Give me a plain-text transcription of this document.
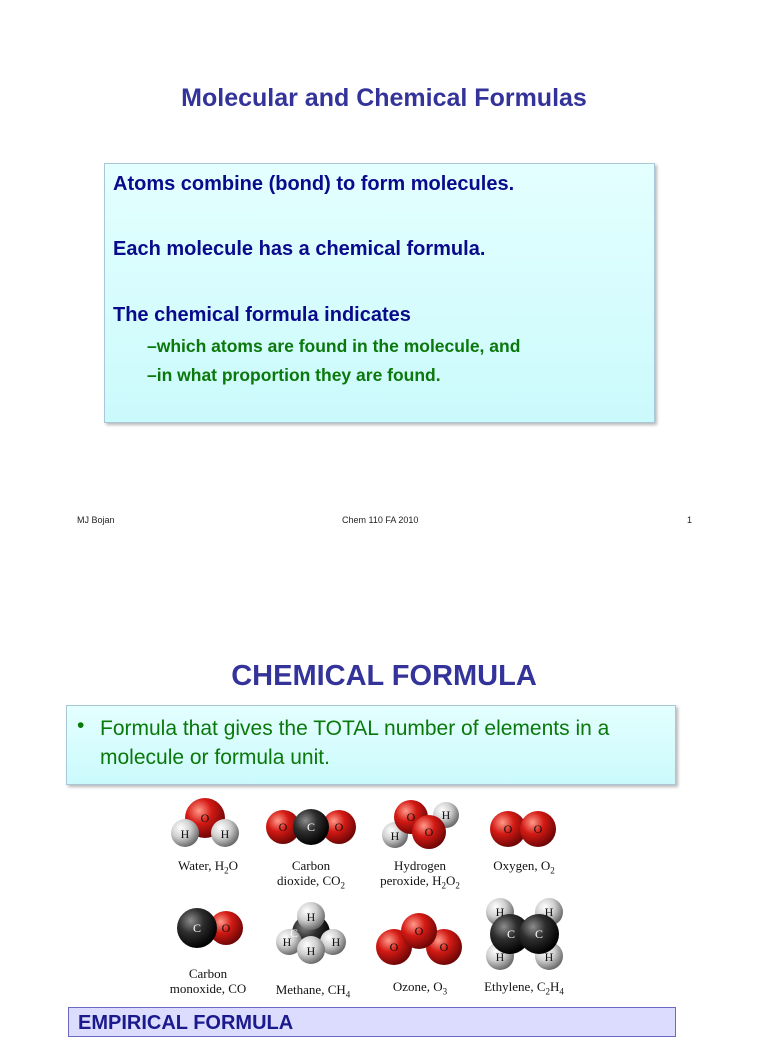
Molecular and Chemical Formulas
Atoms combine (bond) to form molecules.
Each molecule has a chemical formula.
The chemical formula indicates
–which atoms are found in the molecule, and
–in what proportion they are found.
MJ Bojan	Chem 110 FA 2010	1
CHEMICAL FORMULA
• Formula that gives the TOTAL number of elements in a molecule or formula unit.
O
H	H	O C O
H
H
O
O	O O
C O
H
H	H
H
C
O
O
O
H	H
H	H
C C
Water, $H_2O$	Carbon
dioxide, $CO_2$
Hydrogen
peroxide, $H_2O_2$
Oxygen, $O_2$
Carbon
monoxide, CO	Methane, $CH_4$
Ozone, $O_3$	Ethylene, $C_2H_4$
EMPIRICAL FORMULA
